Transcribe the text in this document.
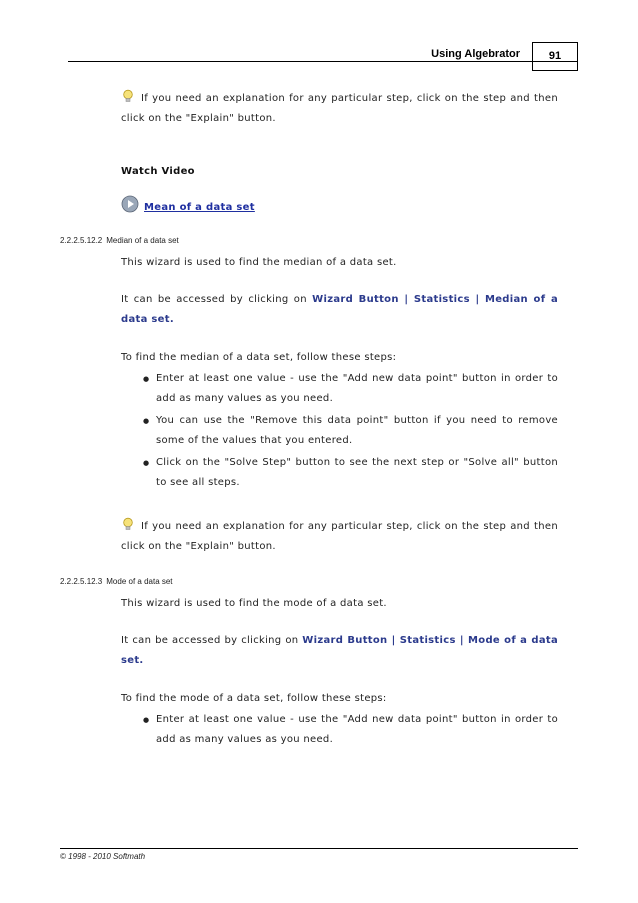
Using Algebrator	91
If you need an explanation for any particular step, click on the step and then click on the "Explain" button.
Watch Video
Mean of a data set
2.2.2.5.12.2 Median of a data set
This wizard is used to find the median of a data set.
It can be accessed by clicking on Wizard Button | Statistics | Median of a data set.
To find the median of a data set, follow these steps:
● Enter at least one value - use the "Add new data point" button in order to add as many values as you need.
● You can use the "Remove this data point" button if you need to remove some of the values that you entered.
● Click on the "Solve Step" button to see the next step or "Solve all" button to see all steps.
If you need an explanation for any particular step, click on the step and then click on the "Explain" button.
2.2.2.5.12.3 Mode of a data set
This wizard is used to find the mode of a data set.
It can be accessed by clicking on Wizard Button | Statistics | Mode of a data set.
To find the mode of a data set, follow these steps:
● Enter at least one value - use the "Add new data point" button in order to add as many values as you need.
© 1998 - 2010 Softmath
